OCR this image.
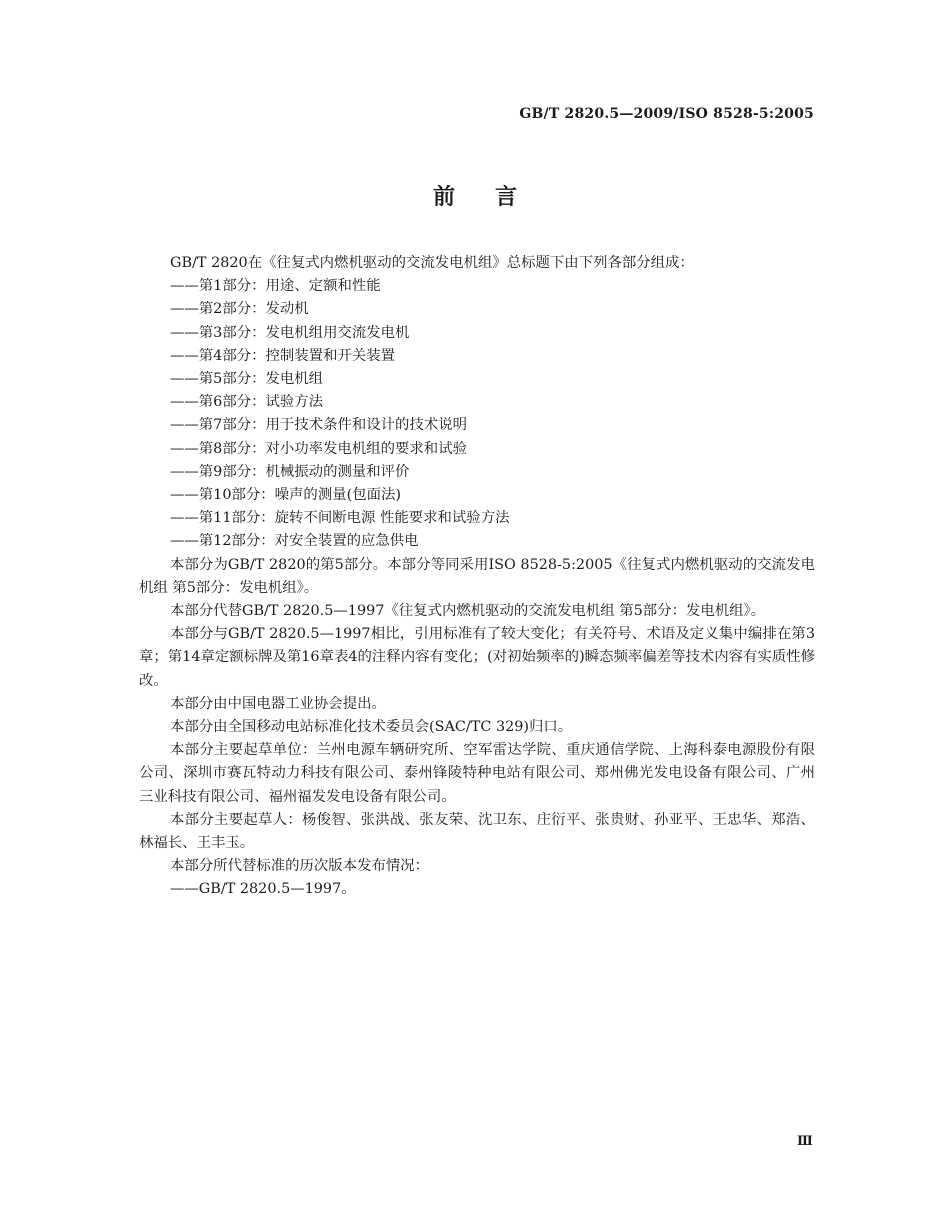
GB/T 2820.5—2009/ISO 8528-5:2005
前言

GB/T 2820在《往复式内燃机驱动的交流发电机组》总标题下由下列各部分组成：

——第1部分：用途、定额和性能

——第2部分：发动机

——第3部分：发电机组用交流发电机

——第4部分：控制装置和开关装置

——第5部分：发电机组

——第6部分：试验方法

——第7部分：用于技术条件和设计的技术说明

——第8部分：对小功率发电机组的要求和试验

——第9部分：机械振动的测量和评价

——第10部分：噪声的测量(包面法)

——第11部分：旋转不间断电源 性能要求和试验方法

——第12部分：对安全装置的应急供电

本部分为GB/T 2820的第5部分。本部分等同采用ISO 8528-5:2005《往复式内燃机驱动的交流发电机组 第5部分：发电机组》。

本部分代替GB/T 2820.5—1997《往复式内燃机驱动的交流发电机组 第5部分：发电机组》。

本部分与GB/T 2820.5—1997相比，引用标准有了较大变化；有关符号、术语及定义集中编排在第3章；第14章定额标牌及第16章表4的注释内容有变化；(对初始频率的)瞬态频率偏差等技术内容有实质性修改。

本部分由中国电器工业协会提出。

本部分由全国移动电站标准化技术委员会(SAC/TC 329)归口。

本部分主要起草单位：兰州电源车辆研究所、空军雷达学院、重庆通信学院、上海科泰电源股份有限公司、深圳市赛瓦特动力科技有限公司、泰州锋陵特种电站有限公司、郑州佛光发电设备有限公司、广州三业科技有限公司、福州福发发电设备有限公司。

本部分主要起草人：杨俊智、张洪战、张友荣、沈卫东、庄衍平、张贵财、孙亚平、王忠华、郑浩、林福长、王丰玉。

本部分所代替标准的历次版本发布情况：

——GB/T 2820.5—1997。

Ⅲ
